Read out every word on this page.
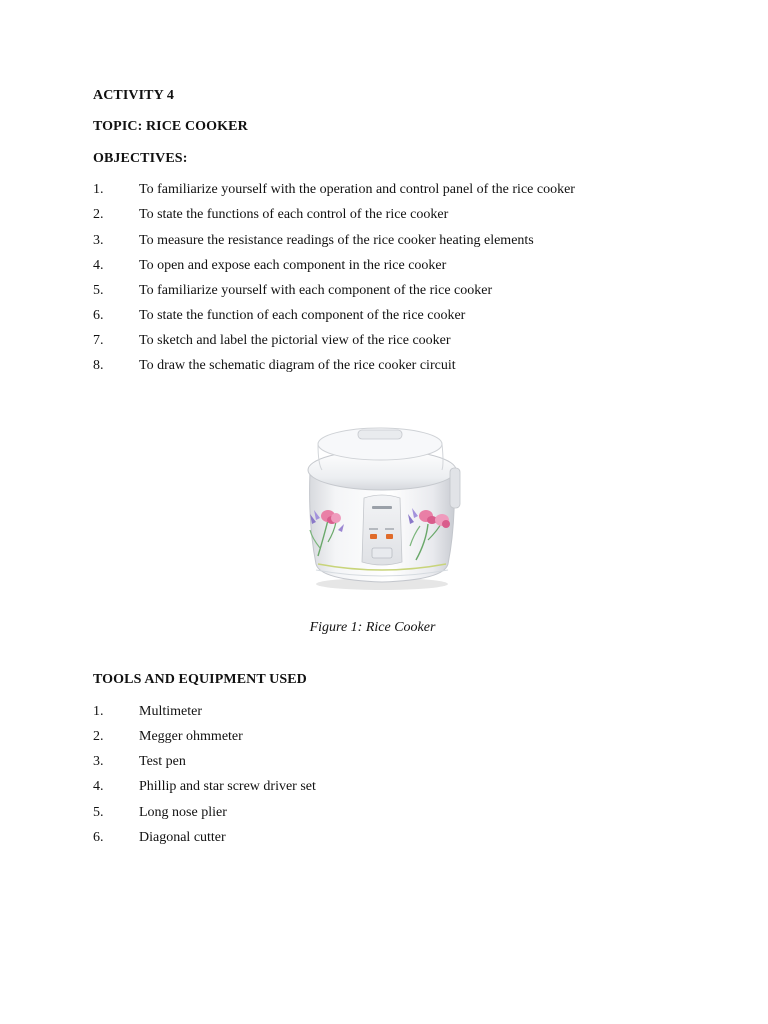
ACTIVITY 4
TOPIC: RICE COOKER
OBJECTIVES:
1.	To familiarize yourself with the operation and control panel of the rice cooker
2.	To state the functions of each control of the rice cooker
3.	To measure the resistance readings of the rice cooker heating elements
4.	To open and expose each component in the rice cooker
5.	To familiarize yourself with each component of the rice cooker
6.	To state the function of each component of the rice cooker
7.	To sketch and label the pictorial view of the rice cooker
8.	To draw the schematic diagram of the rice cooker circuit
Figure 1: Rice Cooker
TOOLS AND EQUIPMENT USED
1.	Multimeter
2.	Megger ohmmeter
3.	Test pen
4.	Phillip and star screw driver set
5.	Long nose plier
6.	Diagonal cutter
